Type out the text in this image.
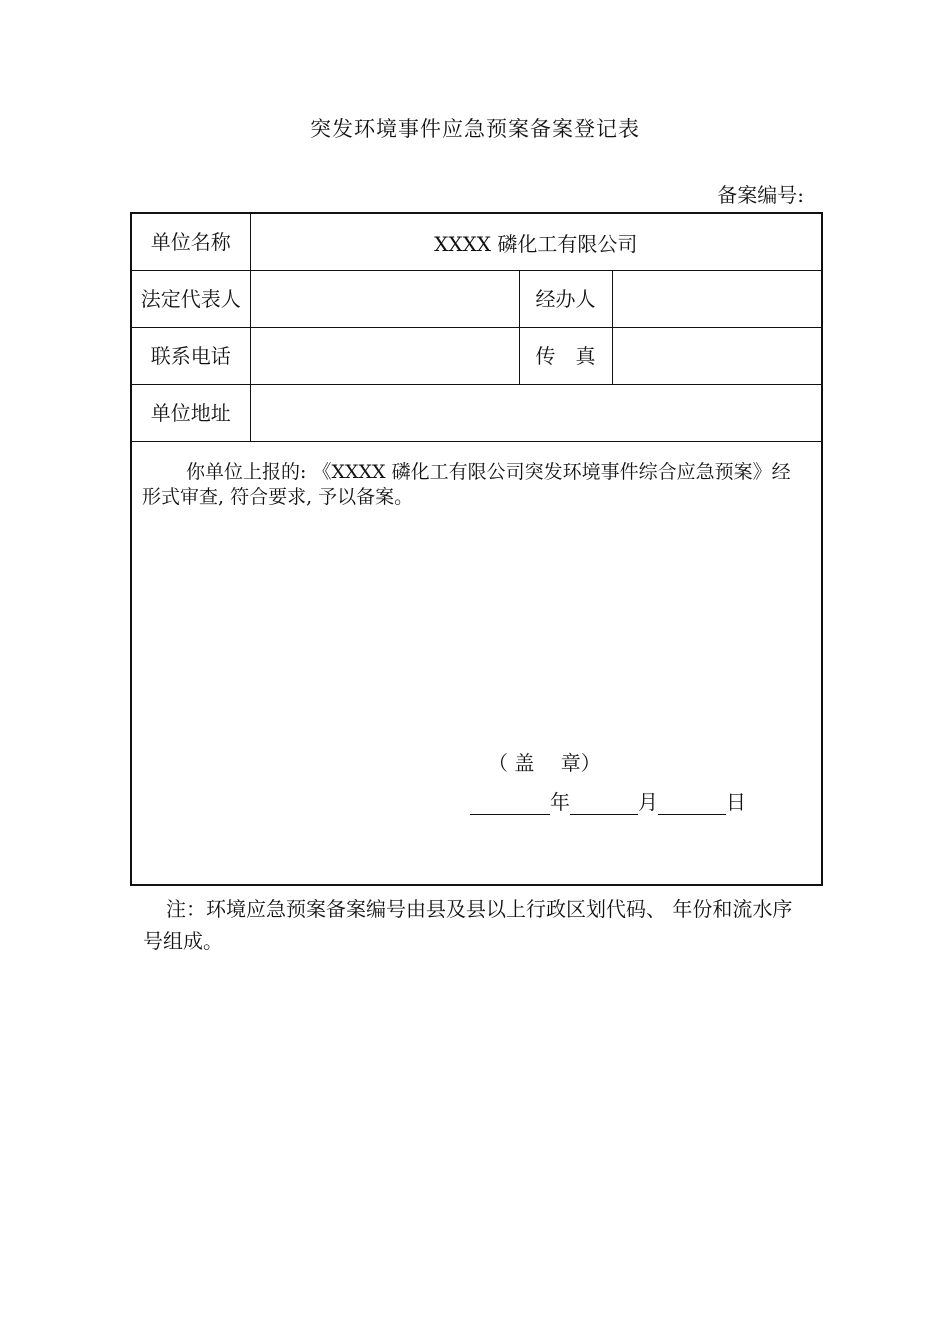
突发环境事件应急预案备案登记表
备案编号:
单位名称	XXXX 磷化工有限公司		
法定代表人		经办人	
联系电话		传　真	
单位地址			

你单位上报的: 《XXXX 磷化工有限公司突发环境事件综合应急预案》经形式审查, 符合要求, 予以备案。
（ 盖　 章）
年 月 日			
注：环境应急预案备案编号由县及县以上行政区划代码、 年份和流水序号组成。
